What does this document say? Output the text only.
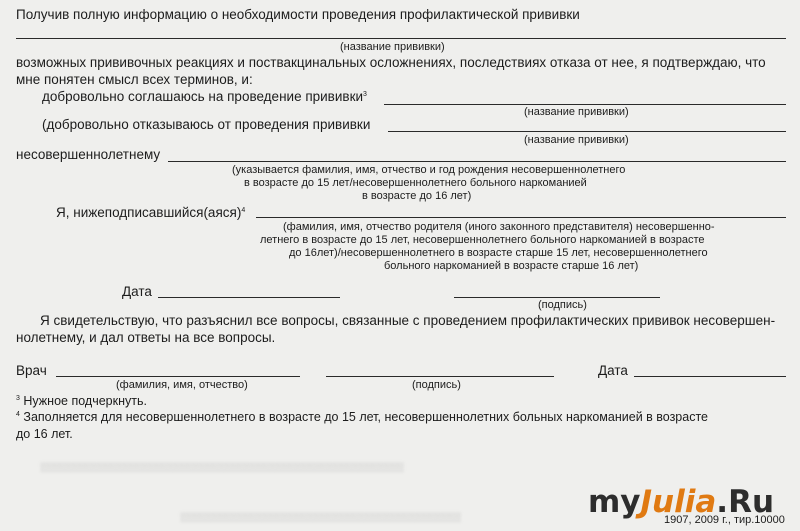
░░░░░░░░░░░░░░░░░░░░░░░░░░░░░░░░░░░░░░░░░░░░░░░░░░░░░░░░░
░░░░░░░░░░░░░░░░░░░░░░░░░░░░░░░░░░░░░░░░░░░░
Получив полную информацию о необходимости проведения профилактической прививки
(название прививки)
возможных прививочных реакциях и поствакцинальных осложнениях, последствиях отказа от нее, я подтверждаю, что
мне понятен смысл всех терминов, и:
добровольно соглашаюсь на проведение прививки$^3$
(название прививки)
(добровольно отказываюсь от проведения прививки
(название прививки)
несовершеннолетнему
(указывается фамилия, имя, отчество и год рождения несовершеннолетнего
в возрасте до 15 лет/несовершеннолетнего больного наркоманией
в возрасте до 16 лет)
Я, нижеподписавшийся(аяся)$^4$
(фамилия, имя, отчество родителя (иного законного представителя) несовершенно-
летнего в возрасте до 15 лет, несовершеннолетнего больного наркоманией в возрасте
до 16лет)/несовершеннолетнего в возрасте старше 15 лет, несовершеннолетнего
больного наркоманией в возрасте старше 16 лет)
Дата
(подпись)
Я свидетельствую, что разъяснил все вопросы, связанные с проведением профилактических прививок несовершен-
нолетнему, и дал ответы на все вопросы.
Врач	Дата
(фамилия, имя, отчество)	(подпись)
$^3$ Нужное подчеркнуть.
$^4$ Заполняется для несовершеннолетнего в возрасте до 15 лет, несовершеннолетних больных наркоманией в возрасте
до 16 лет.
myJulia.Ru
1907, 2009 г., тир.10000
